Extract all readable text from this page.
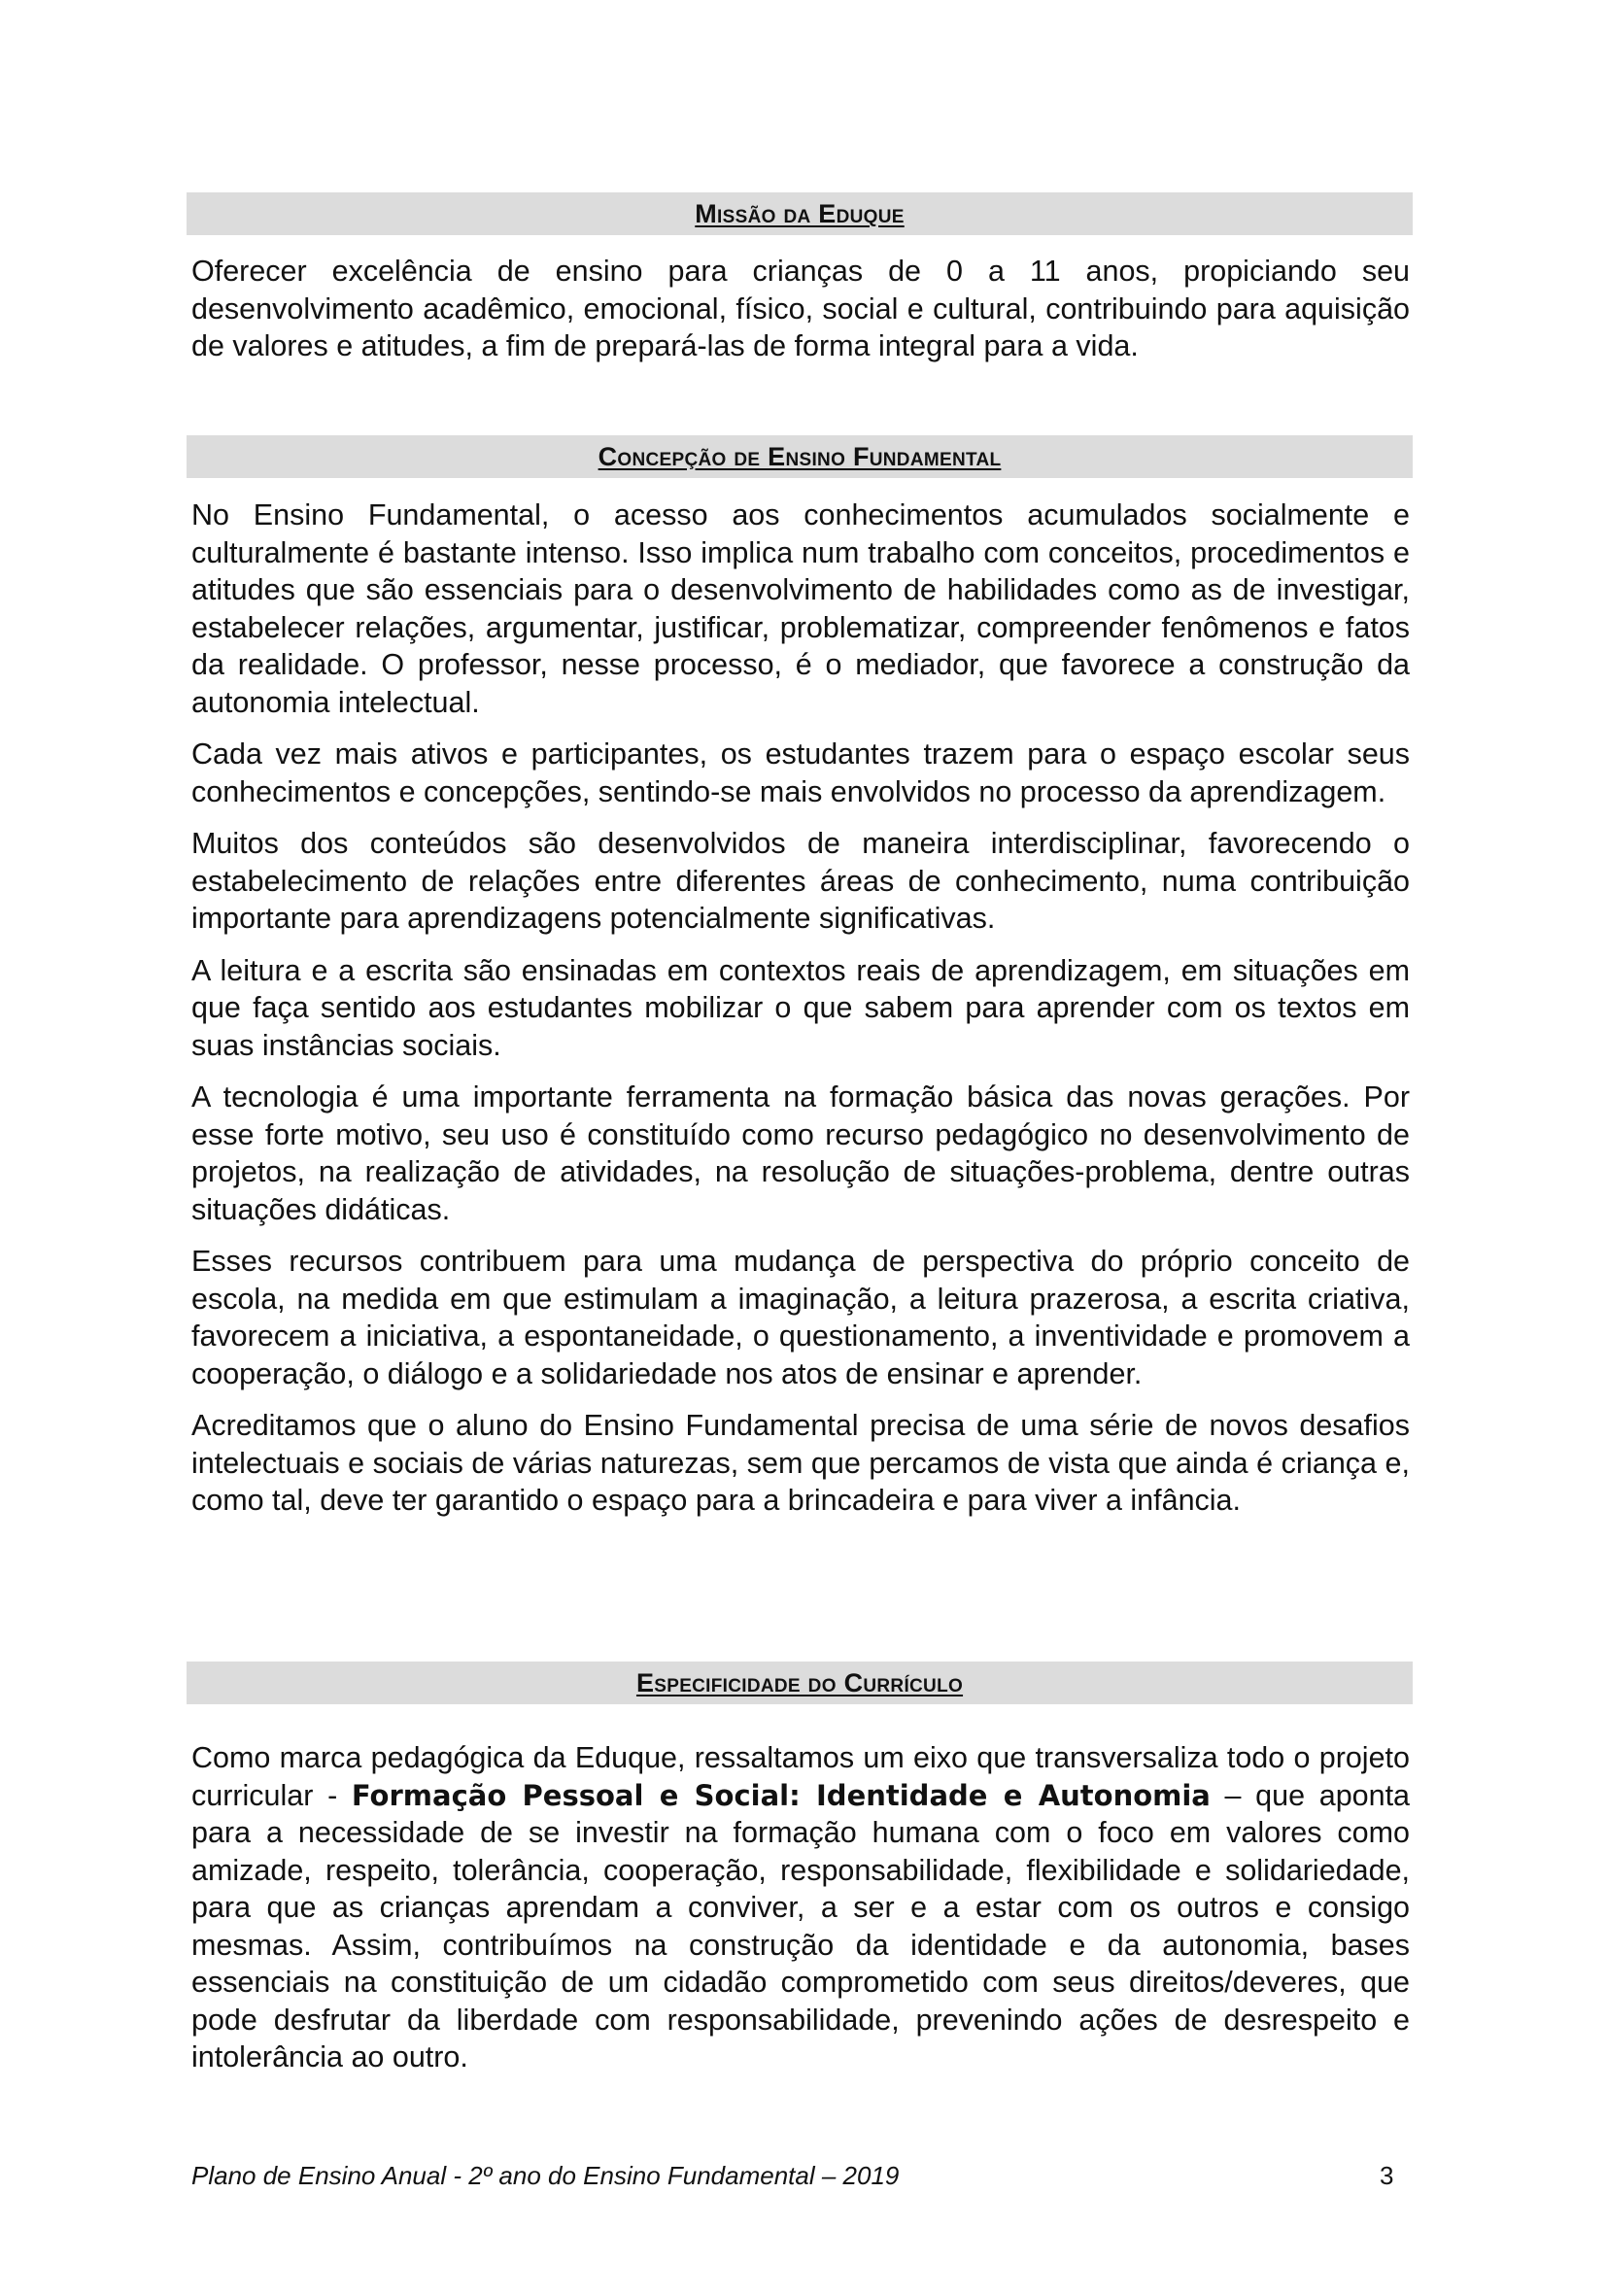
Missão da Eduque

Oferecer excelência de ensino para crianças de 0 a 11 anos, propiciando seu desenvolvimento acadêmico, emocional, físico, social e cultural, contribuindo para aquisição de valores e atitudes, a fim de prepará-las de forma integral para a vida.

Concepção de Ensino Fundamental

No Ensino Fundamental, o acesso aos conhecimentos acumulados socialmente e culturalmente é bastante intenso. Isso implica num trabalho com conceitos, procedimentos e atitudes que são essenciais para o desenvolvimento de habilidades como as de investigar, estabelecer relações, argumentar, justificar, problematizar, compreender fenômenos e fatos da realidade. O professor, nesse processo, é o mediador, que favorece a construção da autonomia intelectual.

Cada vez mais ativos e participantes, os estudantes trazem para o espaço escolar seus conhecimentos e concepções, sentindo-se mais envolvidos no processo da aprendizagem.

Muitos dos conteúdos são desenvolvidos de maneira interdisciplinar, favorecendo o estabelecimento de relações entre diferentes áreas de conhecimento, numa contribuição importante para aprendizagens potencialmente significativas.

A leitura e a escrita são ensinadas em contextos reais de aprendizagem, em situações em que faça sentido aos estudantes mobilizar o que sabem para aprender com os textos em suas instâncias sociais.

A tecnologia é uma importante ferramenta na formação básica das novas gerações. Por esse forte motivo, seu uso é constituído como recurso pedagógico no desenvolvimento de projetos, na realização de atividades, na resolução de situações-problema, dentre outras situações didáticas.

Esses recursos contribuem para uma mudança de perspectiva do próprio conceito de escola, na medida em que estimulam a imaginação, a leitura prazerosa, a escrita criativa, favorecem a iniciativa, a espontaneidade, o questionamento, a inventividade e promovem a cooperação, o diálogo e a solidariedade nos atos de ensinar e aprender.

Acreditamos que o aluno do Ensino Fundamental precisa de uma série de novos desafios intelectuais e sociais de várias naturezas, sem que percamos de vista que ainda é criança e, como tal, deve ter garantido o espaço para a brincadeira e para viver a infância.

Especificidade do Currículo

Como marca pedagógica da Eduque, ressaltamos um eixo que transversaliza todo o projeto curricular - Formação Pessoal e Social: Identidade e Autonomia – que aponta para a necessidade de se investir na formação humana com o foco em valores como amizade, respeito, tolerância, cooperação, responsabilidade, flexibilidade e solidariedade, para que as crianças aprendam a conviver, a ser e a estar com os outros e consigo mesmas. Assim, contribuímos na construção da identidade e da autonomia, bases essenciais na constituição de um cidadão comprometido com seus direitos/deveres, que pode desfrutar da liberdade com responsabilidade, prevenindo ações de desrespeito e intolerância ao outro.

Plano de Ensino Anual - 2º ano do Ensino Fundamental – 2019	3
